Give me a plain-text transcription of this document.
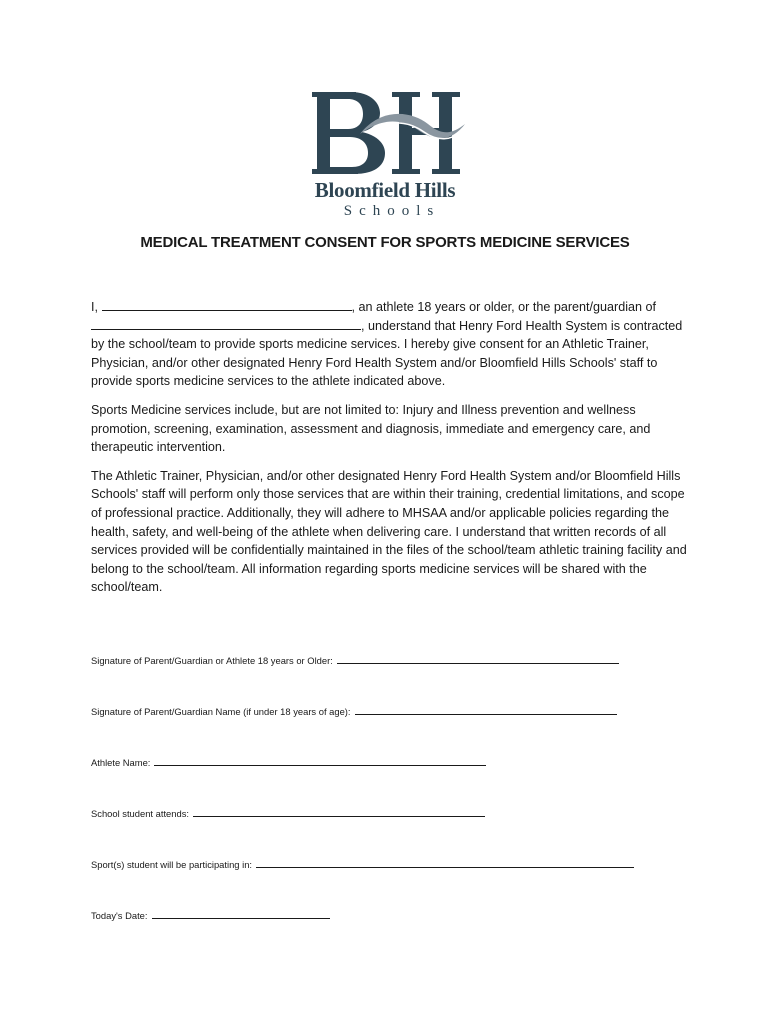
Bloomfield Hills
Schools
MEDICAL TREATMENT CONSENT FOR SPORTS MEDICINE SERVICES

I,	, an athlete 18 years or older, or the parent/guardian of
, understand that Henry Ford Health System is contracted by the school/team to provide sports medicine services. I hereby give consent for an Athletic Trainer, Physician, and/or other designated Henry Ford Health System and/or Bloomfield Hills Schools' staff to provide sports medicine services to the athlete indicated above.

Sports Medicine services include, but are not limited to: Injury and Illness prevention and wellness promotion, screening, examination, assessment and diagnosis, immediate and emergency care, and therapeutic intervention.

The Athletic Trainer, Physician, and/or other designated Henry Ford Health System and/or Bloomfield Hills Schools' staff will perform only those services that are within their training, credential limitations, and scope of professional practice. Additionally, they will adhere to MHSAA and/or applicable policies regarding the health, safety, and well-being of the athlete when delivering care. I understand that written records of all services provided will be confidentially maintained in the files of the school/team athletic training facility and belong to the school/team. All information regarding sports medicine services will be shared with the school/team.

Signature of Parent/Guardian or Athlete 18 years or Older:
Signature of Parent/Guardian Name (if under 18 years of age):
Athlete Name:
School student attends:
Sport(s) student will be participating in:
Today's Date:
